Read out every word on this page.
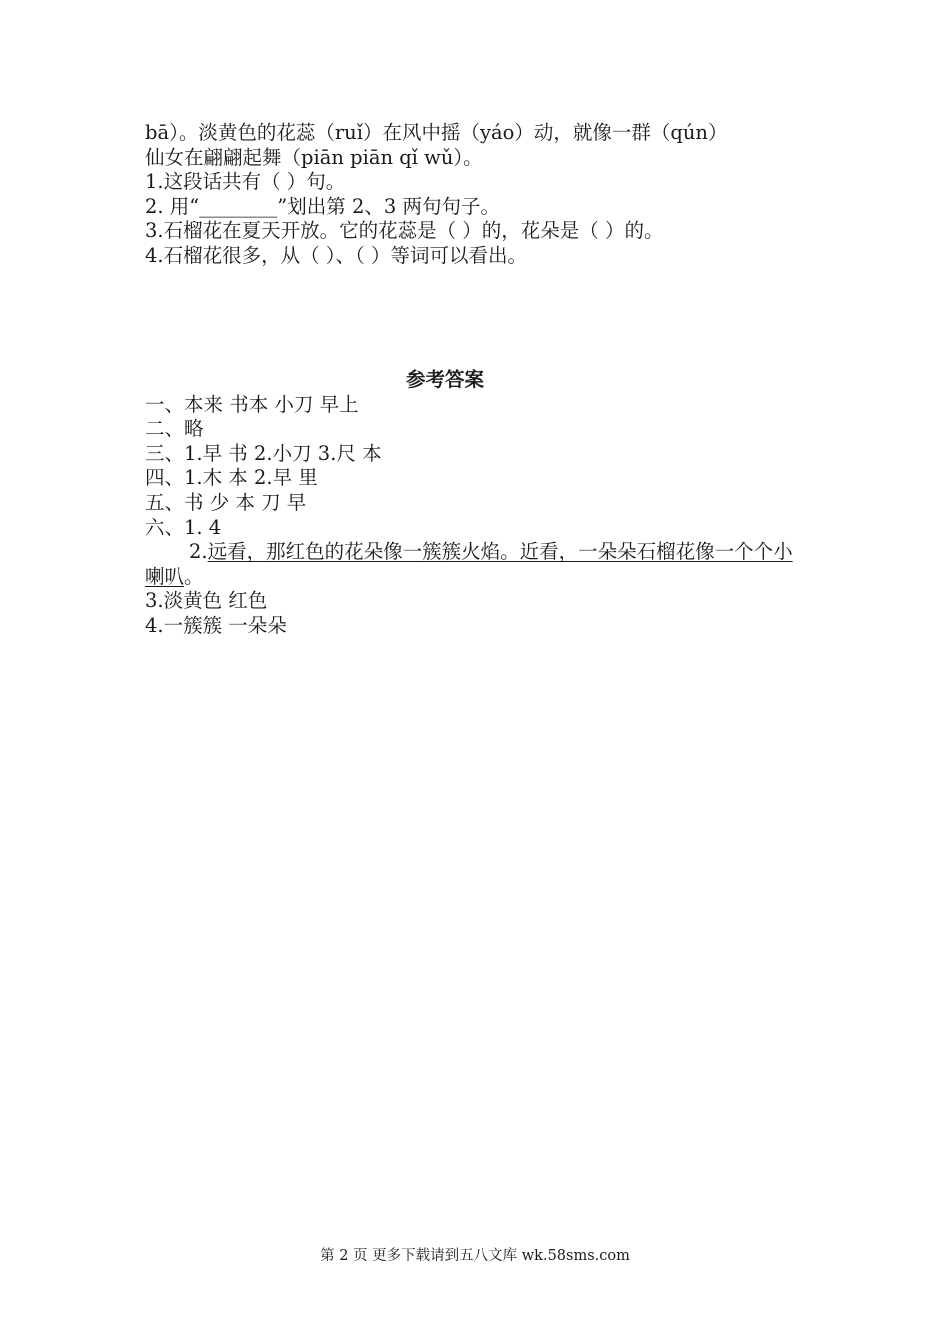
bā）。淡黄色的花蕊（ruǐ）在风中摇（yáo）动，就像一群（qún）

仙女在翩翩起舞（piān piān qǐ wǔ）。

1.这段话共有（ ）句。

2. 用“________”划出第 2、3 两句句子。

3.石榴花在夏天开放。它的花蕊是（ ）的，花朵是（ ）的。

4.石榴花很多，从（ ）、（ ）等词可以看出。

参考答案

一、本来 书本 小刀 早上

二、略

三、1.早 书 2.小刀 3.尺 本

四、1.木 本 2.早 里

五、书 少 本 刀 早

六、1. 4

2.远看，那红色的花朵像一簇簇火焰。近看，一朵朵石榴花像一个个小喇叭。

3.淡黄色 红色

4.一簇簇 一朵朵

第 2 页 更多下载请到五八文库 wk.58sms.com
